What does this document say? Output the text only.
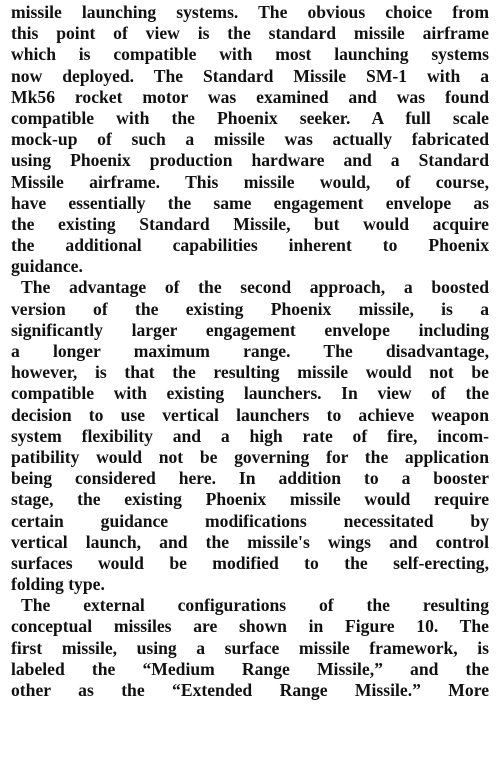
missile launching systems. The obvious choice from
this point of view is the standard missile airframe
which is compatible with most launching systems
now deployed. The Standard Missile SM-1 with a
Mk56 rocket motor was examined and was found
compatible with the Phoenix seeker. A full scale
mock-up of such a missile was actually fabricated
using Phoenix production hardware and a Standard
Missile airframe. This missile would, of course,
have essentially the same engagement envelope as
the existing Standard Missile, but would acquire
the additional capabilities inherent to Phoenix
guidance.
The advantage of the second approach, a boosted
version of the existing Phoenix missile, is a
significantly larger engagement envelope including
a longer maximum range. The disadvantage,
however, is that the resulting missile would not be
compatible with existing launchers. In view of the
decision to use vertical launchers to achieve weapon
system flexibility and a high rate of fire, incom-
patibility would not be governing for the application
being considered here. In addition to a booster
stage, the existing Phoenix missile would require
certain guidance modifications necessitated by
vertical launch, and the missile's wings and control
surfaces would be modified to the self-erecting,
folding type.
The external configurations of the resulting
conceptual missiles are shown in Figure 10. The
first missile, using a surface missile framework, is
labeled the “Medium Range Missile,” and the
other as the “Extended Range Missile.” More
